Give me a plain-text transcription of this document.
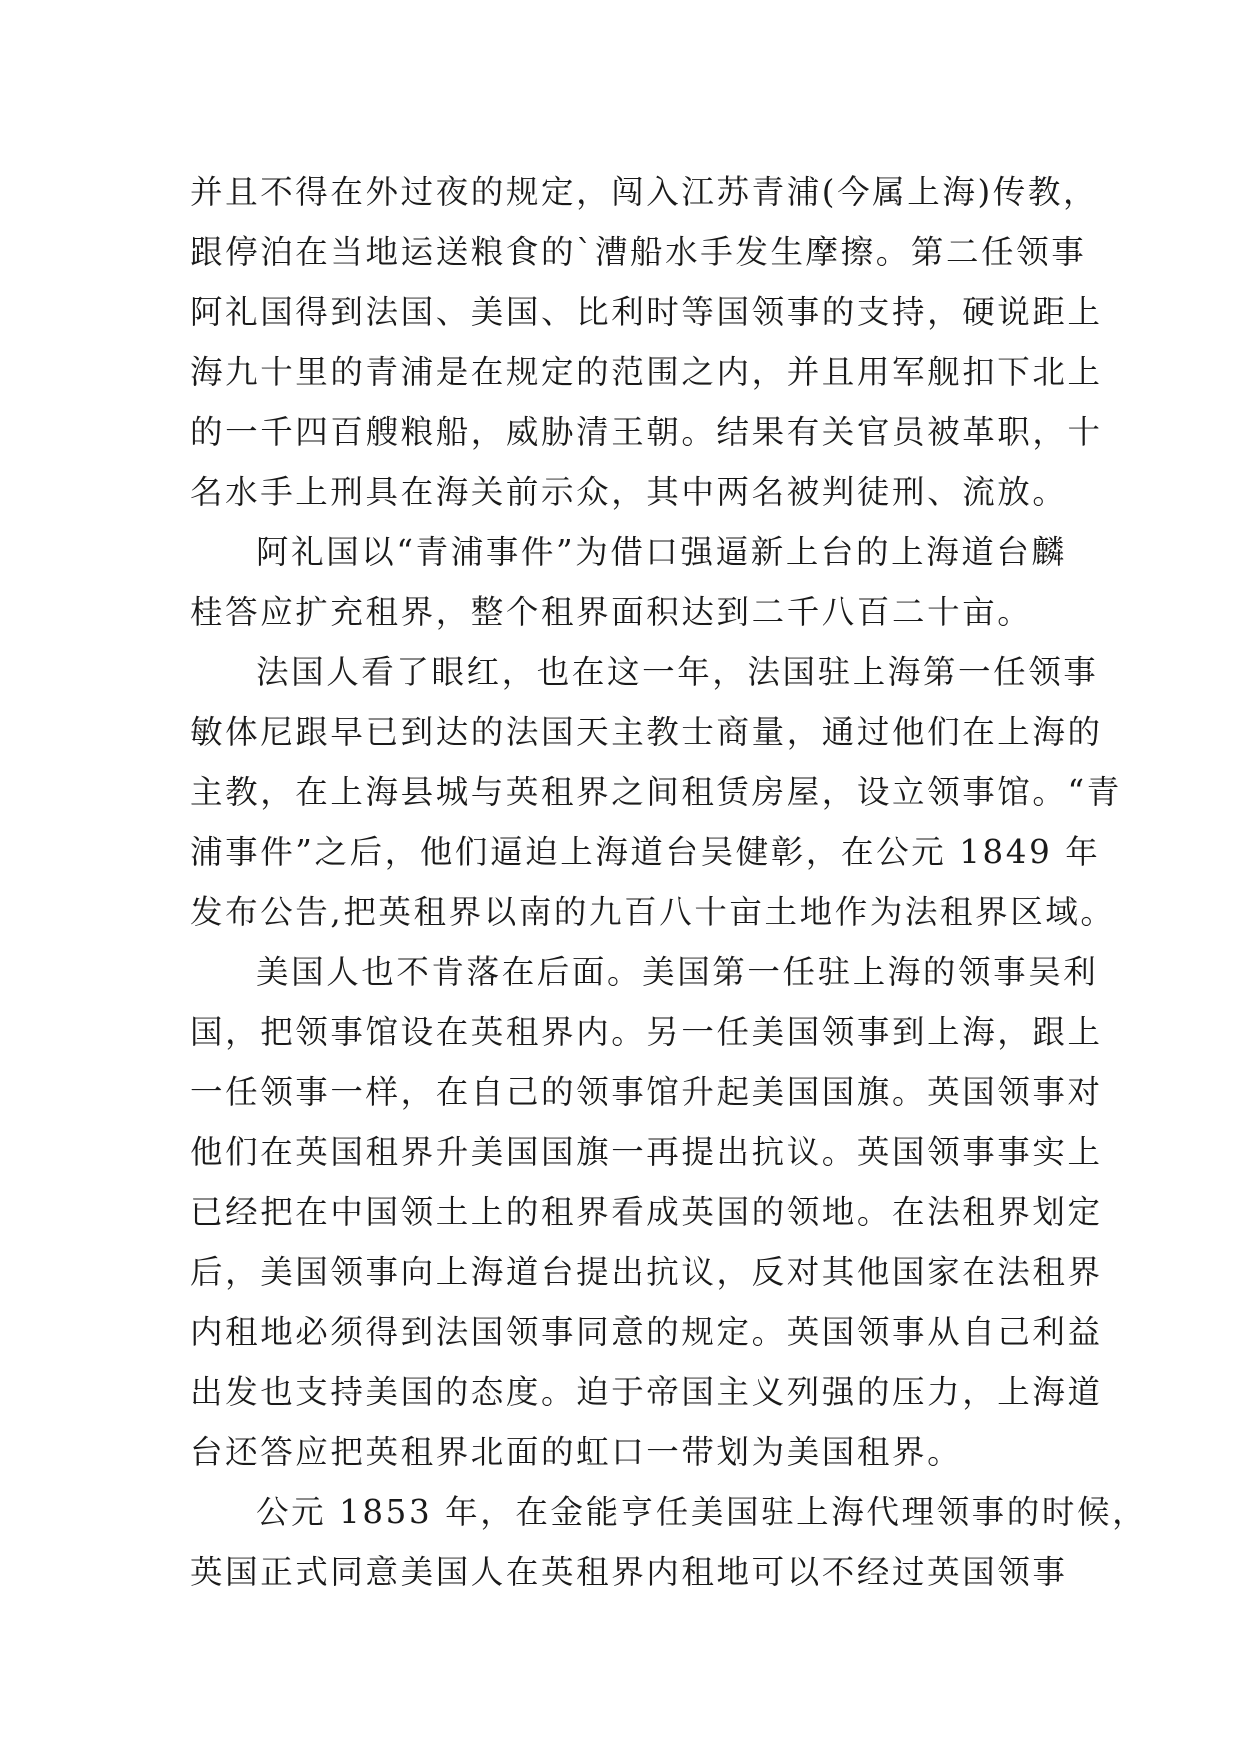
并且不得在外过夜的规定，闯入江苏青浦(今属上海)传教，
跟停泊在当地运送粮食的`漕船水手发生摩擦。第二任领事
阿礼国得到法国、美国、比利时等国领事的支持，硬说距上
海九十里的青浦是在规定的范围之内，并且用军舰扣下北上
的一千四百艘粮船，威胁清王朝。结果有关官员被革职，十
名水手上刑具在海关前示众，其中两名被判徒刑、流放。
阿礼国以“青浦事件”为借口强逼新上台的上海道台麟
桂答应扩充租界，整个租界面积达到二千八百二十亩。
法国人看了眼红，也在这一年，法国驻上海第一任领事
敏体尼跟早已到达的法国天主教士商量，通过他们在上海的
主教，在上海县城与英租界之间租赁房屋，设立领事馆。“青
浦事件”之后，他们逼迫上海道台吴健彰，在公元 1849 年
发布公告,把英租界以南的九百八十亩土地作为法租界区域。
美国人也不肯落在后面。美国第一任驻上海的领事吴利
国，把领事馆设在英租界内。另一任美国领事到上海，跟上
一任领事一样，在自己的领事馆升起美国国旗。英国领事对
他们在英国租界升美国国旗一再提出抗议。英国领事事实上
已经把在中国领土上的租界看成英国的领地。在法租界划定
后，美国领事向上海道台提出抗议，反对其他国家在法租界
内租地必须得到法国领事同意的规定。英国领事从自己利益
出发也支持美国的态度。迫于帝国主义列强的压力，上海道
台还答应把英租界北面的虹口一带划为美国租界。
公元 1853 年，在金能亨任美国驻上海代理领事的时候，
英国正式同意美国人在英租界内租地可以不经过英国领事
